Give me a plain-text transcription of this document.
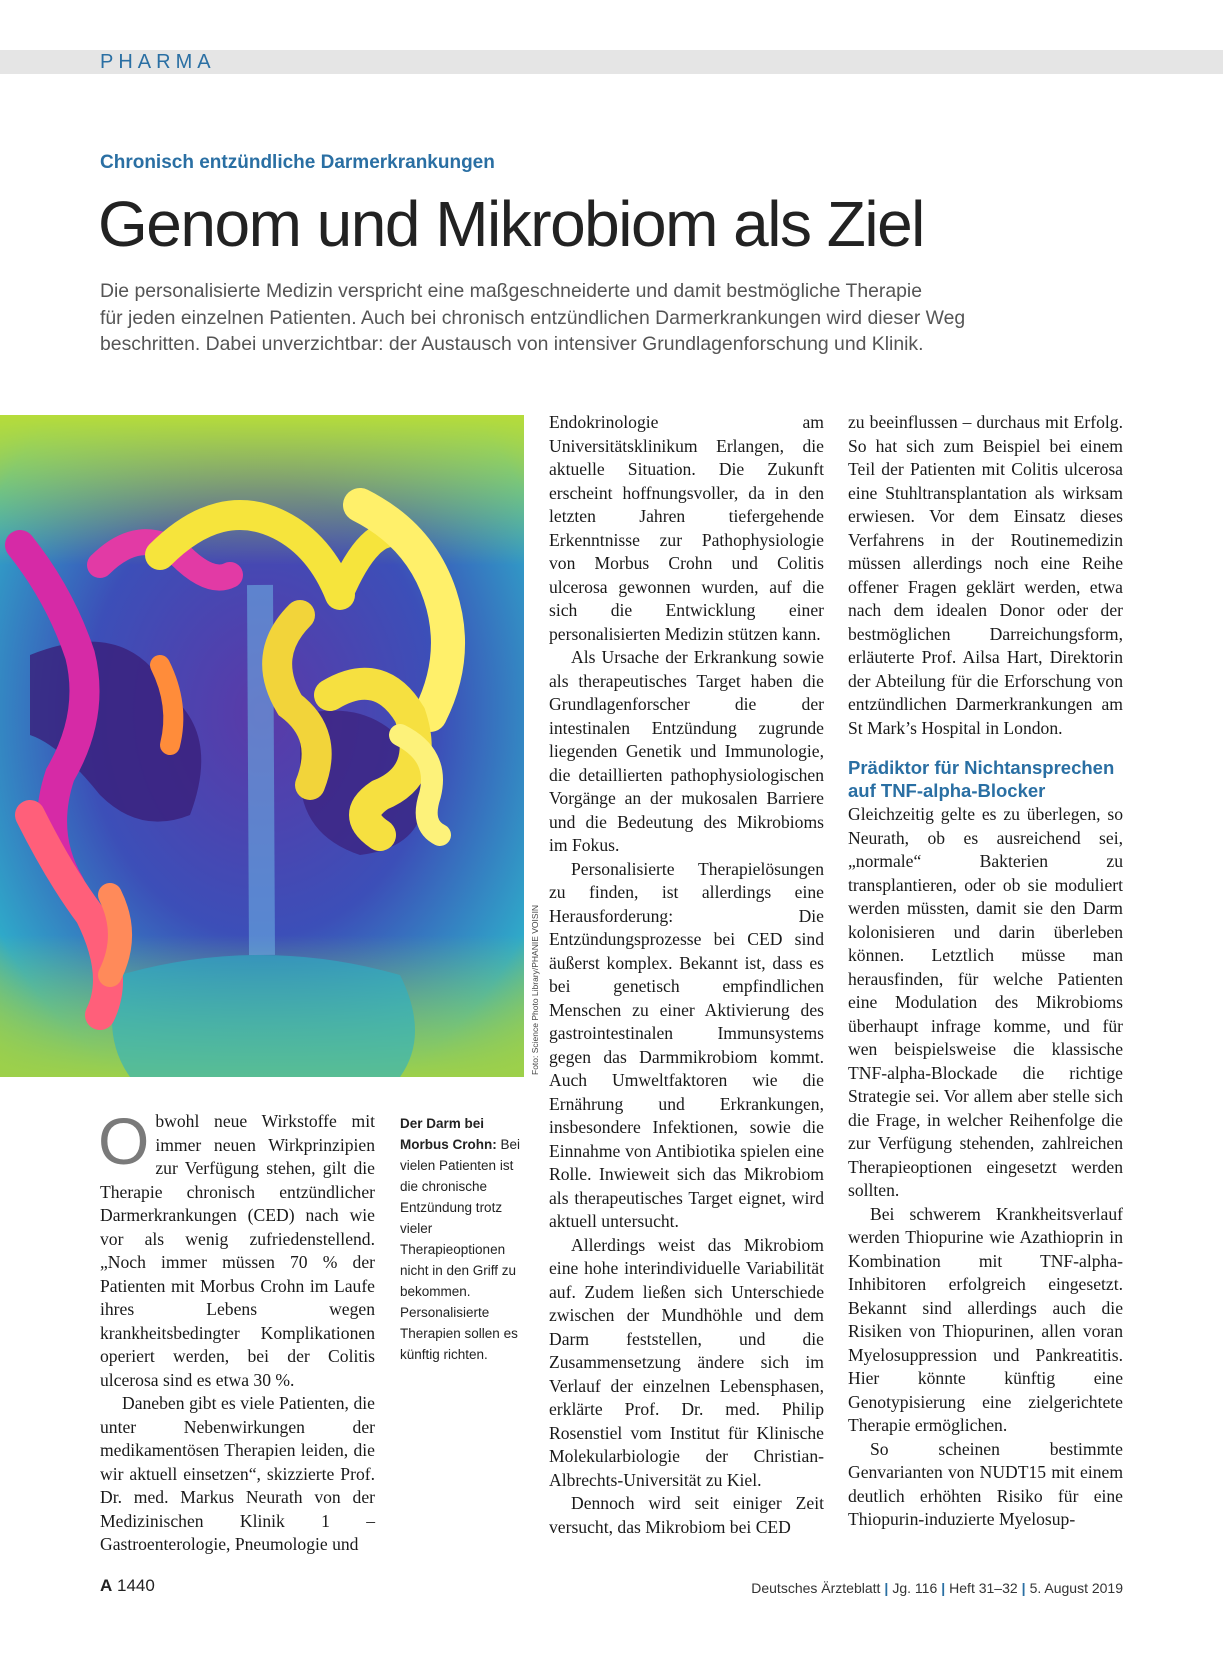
PHARMA
Chronisch entzündliche Darmerkrankungen
Genom und Mikrobiom als Ziel
Die personalisierte Medizin verspricht eine maßgeschneiderte und damit bestmögliche Therapie
für jeden einzelnen Patienten. Auch bei chronisch entzündlichen Darmerkrankungen wird dieser Weg
beschritten. Dabei unverzichtbar: der Austausch von intensiver Grundlagenforschung und Klinik.
Foto: Science Photo Library/PHANIE VOISIN

Obwohl neue Wirkstoffe mit immer neuen Wirkprinzipien zur Verfügung stehen, gilt die Therapie chronisch entzündlicher Darmerkrankungen (CED) nach wie vor als wenig zufriedenstellend. „Noch immer müssen 70 % der Patienten mit Morbus Crohn im Laufe ihres Lebens wegen krankheitsbedingter Komplikationen operiert werden, bei der Colitis ulcerosa sind es etwa 30 %.

Daneben gibt es viele Patienten, die unter Nebenwirkungen der medikamentösen Therapien leiden, die wir aktuell einsetzen“, skizzierte Prof. Dr. med. Markus Neurath von der Medizinischen Klinik 1 – Gastroenterologie, Pneumologie und

Der Darm bei Morbus Crohn: Bei vielen Patienten ist die chronische Entzündung trotz vieler Therapieoptionen nicht in den Griff zu bekommen. Personalisierte Therapien sollen es künftig richten.

Endokrinologie am Universitätsklinikum Erlangen, die aktuelle Situation. Die Zukunft erscheint hoffnungsvoller, da in den letzten Jahren tiefergehende Erkenntnisse zur Pathophysiologie von Morbus Crohn und Colitis ulcerosa gewonnen wurden, auf die sich die Entwicklung einer personalisierten Medizin stützen kann.

Als Ursache der Erkrankung sowie als therapeutisches Target haben die Grundlagenforscher die der intestinalen Entzündung zugrunde liegenden Genetik und Immunologie, die detaillierten pathophysiologischen Vorgänge an der mukosalen Barriere und die Bedeutung des Mikrobioms im Fokus.

Personalisierte Therapielösungen zu finden, ist allerdings eine Herausforderung: Die Entzündungsprozesse bei CED sind äußerst komplex. Bekannt ist, dass es bei genetisch empfindlichen Menschen zu einer Aktivierung des gastrointestinalen Immunsystems gegen das Darmmikrobiom kommt. Auch Umweltfaktoren wie die Ernährung und Erkrankungen, insbesondere Infektionen, sowie die Einnahme von Antibiotika spielen eine Rolle. Inwieweit sich das Mikrobiom als therapeutisches Target eignet, wird aktuell untersucht.

Allerdings weist das Mikrobiom eine hohe interindividuelle Variabilität auf. Zudem ließen sich Unterschiede zwischen der Mundhöhle und dem Darm feststellen, und die Zusammensetzung ändere sich im Verlauf der einzelnen Lebensphasen, erklärte Prof. Dr. med. Philip Rosenstiel vom Institut für Klinische Molekularbiologie der Christian-Albrechts-Universität zu Kiel.

Dennoch wird seit einiger Zeit versucht, das Mikrobiom bei CED

zu beeinflussen – durchaus mit Erfolg. So hat sich zum Beispiel bei einem Teil der Patienten mit Colitis ulcerosa eine Stuhltransplantation als wirksam erwiesen. Vor dem Einsatz dieses Verfahrens in der Routinemedizin müssen allerdings noch eine Reihe offener Fragen geklärt werden, etwa nach dem idealen Donor oder der bestmöglichen Darreichungsform, erläuterte Prof. Ailsa Hart, Direktorin der Abteilung für die Erforschung von entzündlichen Darmerkrankungen am St Mark’s Hospital in London.

Prädiktor für Nichtansprechen auf TNF-alpha-Blocker

Gleichzeitig gelte es zu überlegen, so Neurath, ob es ausreichend sei, „normale“ Bakterien zu transplantieren, oder ob sie moduliert werden müssten, damit sie den Darm kolonisieren und darin überleben können. Letztlich müsse man herausfinden, für welche Patienten eine Modulation des Mikrobioms überhaupt infrage komme, und für wen beispielsweise die klassische TNF-alpha-Blockade die richtige Strategie sei. Vor allem aber stelle sich die Frage, in welcher Reihenfolge die zur Verfügung stehenden, zahlreichen Therapieoptionen eingesetzt werden sollten.

Bei schwerem Krankheitsverlauf werden Thiopurine wie Azathioprin in Kombination mit TNF-alpha-Inhibitoren erfolgreich eingesetzt. Bekannt sind allerdings auch die Risiken von Thiopurinen, allen voran Myelosuppression und Pankreatitis. Hier könnte künftig eine Genotypisierung eine zielgerichtete Therapie ermöglichen.

So scheinen bestimmte Genvarianten von NUDT15 mit einem deutlich erhöhten Risiko für eine Thiopurin-induzierte Myelosup-

A 1440	Deutsches Ärzteblatt | Jg. 116 | Heft 31–32 | 5. August 2019
